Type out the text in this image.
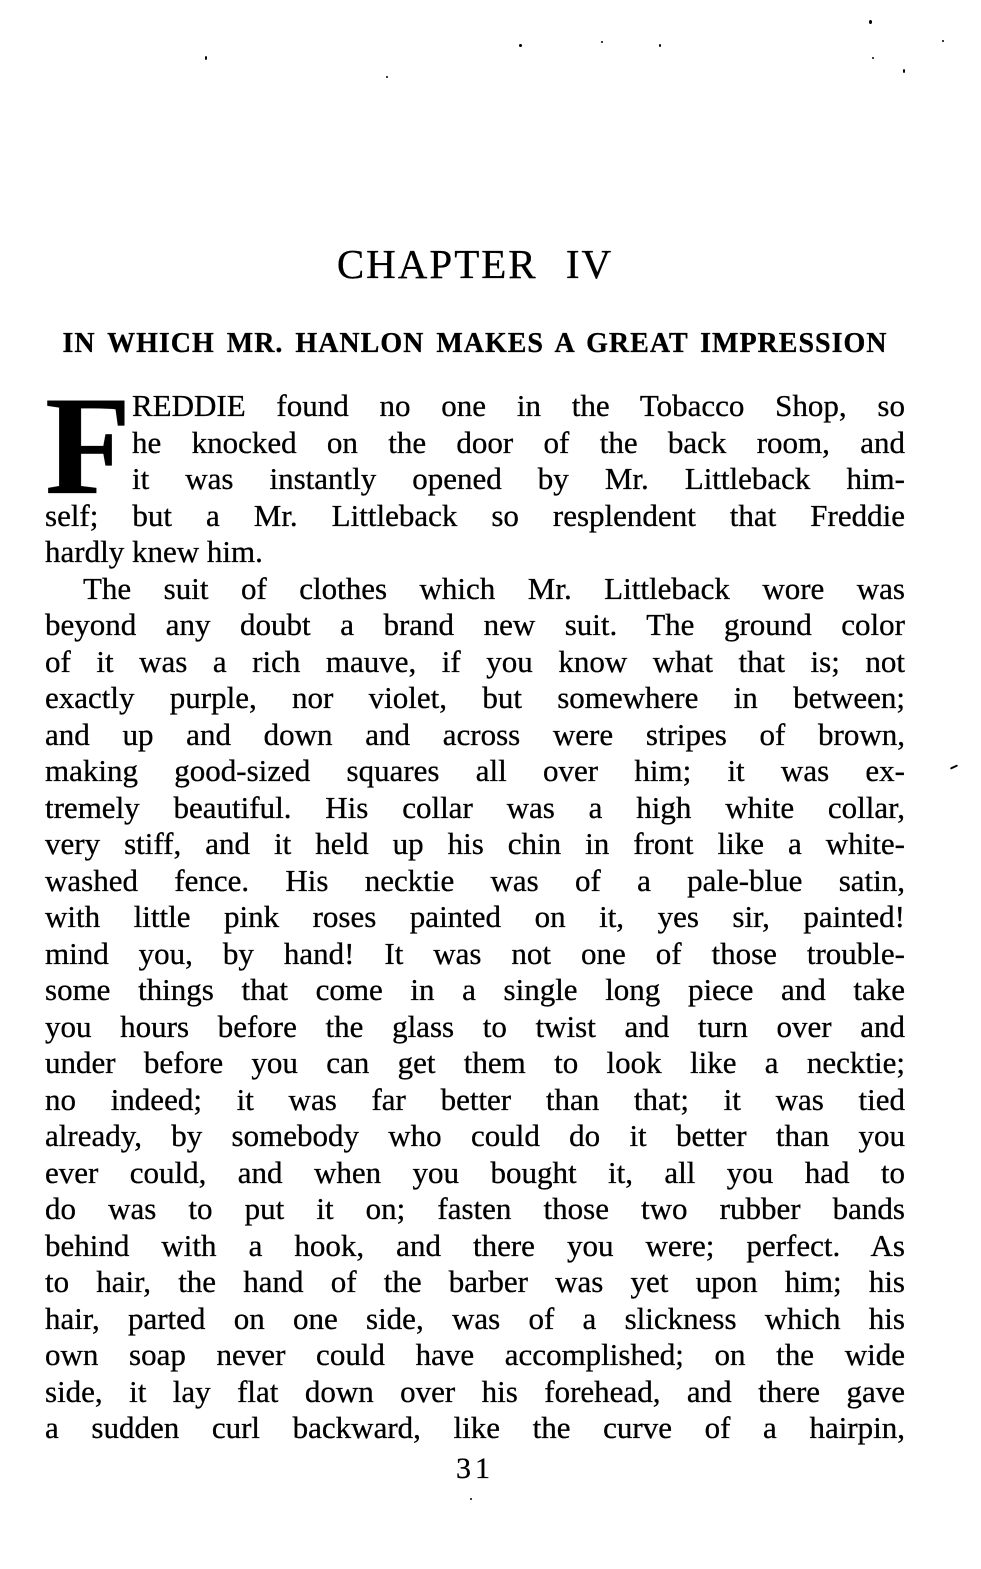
CHAPTER IV
IN WHICH MR. HANLON MAKES A GREAT IMPRESSION
F REDDIE found no one in the Tobacco Shop, so
he knocked on the door of the back room, and
it was instantly opened by Mr. Littleback him-
self; but a Mr. Littleback so resplendent that Freddie
hardly knew him.
The suit of clothes which Mr. Littleback wore was
beyond any doubt a brand new suit. The ground color
of it was a rich mauve, if you know what that is; not
exactly purple, nor violet, but somewhere in between;
and up and down and across were stripes of brown,
making good-sized squares all over him; it was ex-
tremely beautiful. His collar was a high white collar,
very stiff, and it held up his chin in front like a white-
washed fence. His necktie was of a pale-blue satin,
with little pink roses painted on it, yes sir, painted!
mind you, by hand! It was not one of those trouble-
some things that come in a single long piece and take
you hours before the glass to twist and turn over and
under before you can get them to look like a necktie;
no indeed; it was far better than that; it was tied
already, by somebody who could do it better than you
ever could, and when you bought it, all you had to
do was to put it on; fasten those two rubber bands
behind with a hook, and there you were; perfect. As
to hair, the hand of the barber was yet upon him; his
hair, parted on one side, was of a slickness which his
own soap never could have accomplished; on the wide
side, it lay flat down over his forehead, and there gave
a sudden curl backward, like the curve of a hairpin,
31
